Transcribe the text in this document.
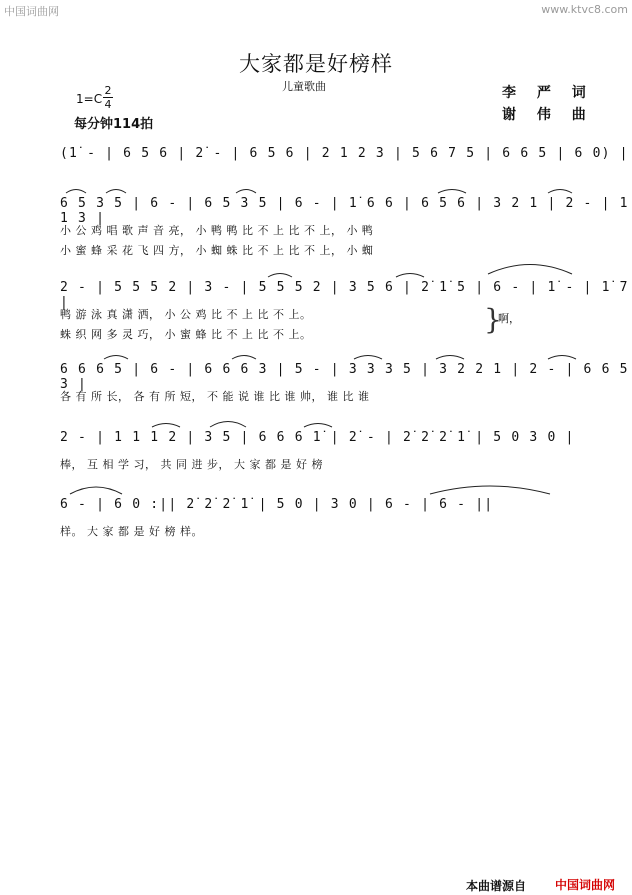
中国词曲网	www.ktvc8.com
大家都是好榜样
儿童歌曲	李 严 词
谢 伟 曲
1=C
2
4
每分钟114拍
(1̇ - | 6 5 6 | 2̇ - | 6 5 6 | 2 1 2 3 | 5 6 7 5 | 6 6 5 | 6 0) |
6 5 3 5 | 6 - | 6 5 3 5 | 6 - | 1̇ 6 6 | 6 5 6 | 3 2 1 | 2 - | 1 1 3 |
小 公 鸡 唱 歌 声 音 亮， 小 鸭 鸭 比 不 上 比 不 上， 小 鸭
小 蜜 蜂 采 花 飞 四 方， 小 蜘 蛛 比 不 上 比 不 上， 小 蜘
2 - | 5 5 5 2 | 3 - | 5 5 5 2 | 3 5 6 | 2̇ 1̇ 5 | 6 - | 1̇ - | 1̇ 7 |
鸭 游 泳 真 潇 洒， 小 公 鸡 比 不 上 比 不 上。
蛛 织 网 多 灵 巧， 小 蜜 蜂 比 不 上 比 不 上。	}
啊，
6 6 6 5 | 6 - | 6 6 6 3 | 5 - | 3 3 3 5 | 3 2 2 1 | 2 - | 6 6 5 3 |
各 有 所 长， 各 有 所 短， 不 能 说 谁 比 谁 帅， 谁 比 谁
2 - | 1 1 1 2 | 3 5 | 6 6 6 1̇ | 2̇ - | 2̇ 2̇ 2̇ 1̇ | 5 0 3 0 |
棒， 互 相 学 习， 共 同 进 步， 大 家 都 是 好 榜
6 - | 6 0 :|| 2̇ 2̇ 2̇ 1̇ | 5 0 | 3 0 | 6 - | 6 - ||
样。 大 家 都 是 好 榜 样。
本曲谱源自 中国词曲网
